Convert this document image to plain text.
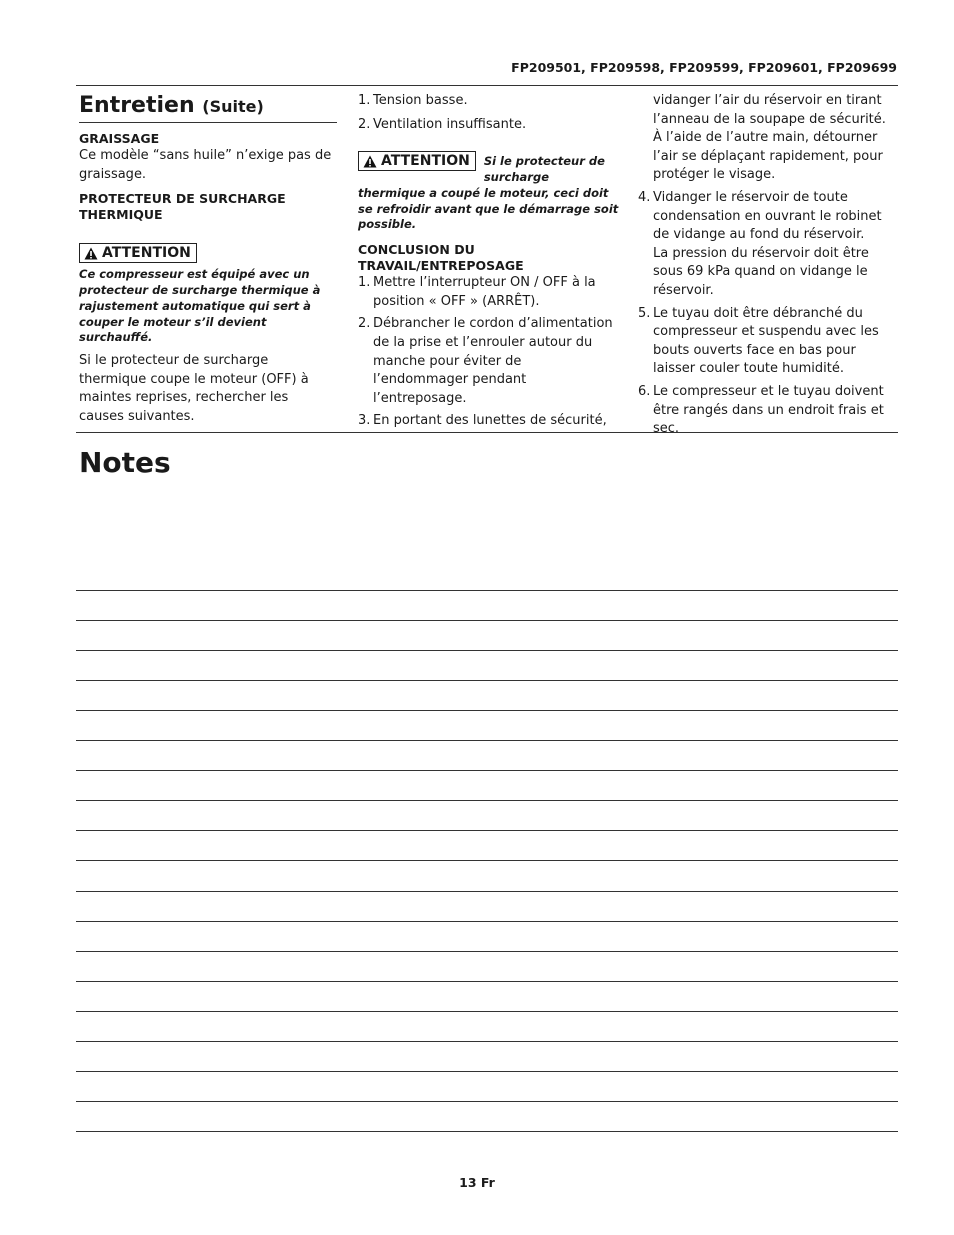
FP209501, FP209598, FP209599, FP209601, FP209699

Entretien (Suite)

GRAISSAGE

Ce modèle “sans huile” n’exige pas de graissage.

PROTECTEUR DE SURCHARGE THERMIQUE

ATTENTION

Ce compresseur est équipé avec un protecteur de surcharge thermique à rajustement automatique qui sert à couper le moteur s’il devient surchauffé.

Si le protecteur de surcharge thermique coupe le moteur (OFF) à maintes reprises, rechercher les causes suivantes.

1. Tension basse.
2. Ventilation insuffisante.
ATTENTION	Si le protecteur de surcharge thermique a coupé le moteur, ceci doit se refroidir avant que le démarrage soit possible.

CONCLUSION DU TRAVAIL/ENTREPOSAGE

1. Mettre l’interrupteur ON / OFF à la position « OFF » (ARRÊT).
2. Débrancher le cordon d’alimentation de la prise et l’enrouler autour du manche pour éviter de l’endommager pendant l’entreposage.
3. En portant des lunettes de sécurité,

vidanger l’air du réservoir en tirant l’anneau de la soupape de sécurité. À l’aide de l’autre main, détourner l’air se déplaçant rapidement, pour protéger le visage.

4. Vidanger le réservoir de toute condensation en ouvrant le robinet de vidange au fond du réservoir.
La pression du réservoir doit être sous 69 kPa quand on vidange le réservoir.
5. Le tuyau doit être débranché du compresseur et suspendu avec les bouts ouverts face en bas pour laisser couler toute humidité.
6. Le compresseur et le tuyau doivent être rangés dans un endroit frais et sec.
Notes
13 Fr
